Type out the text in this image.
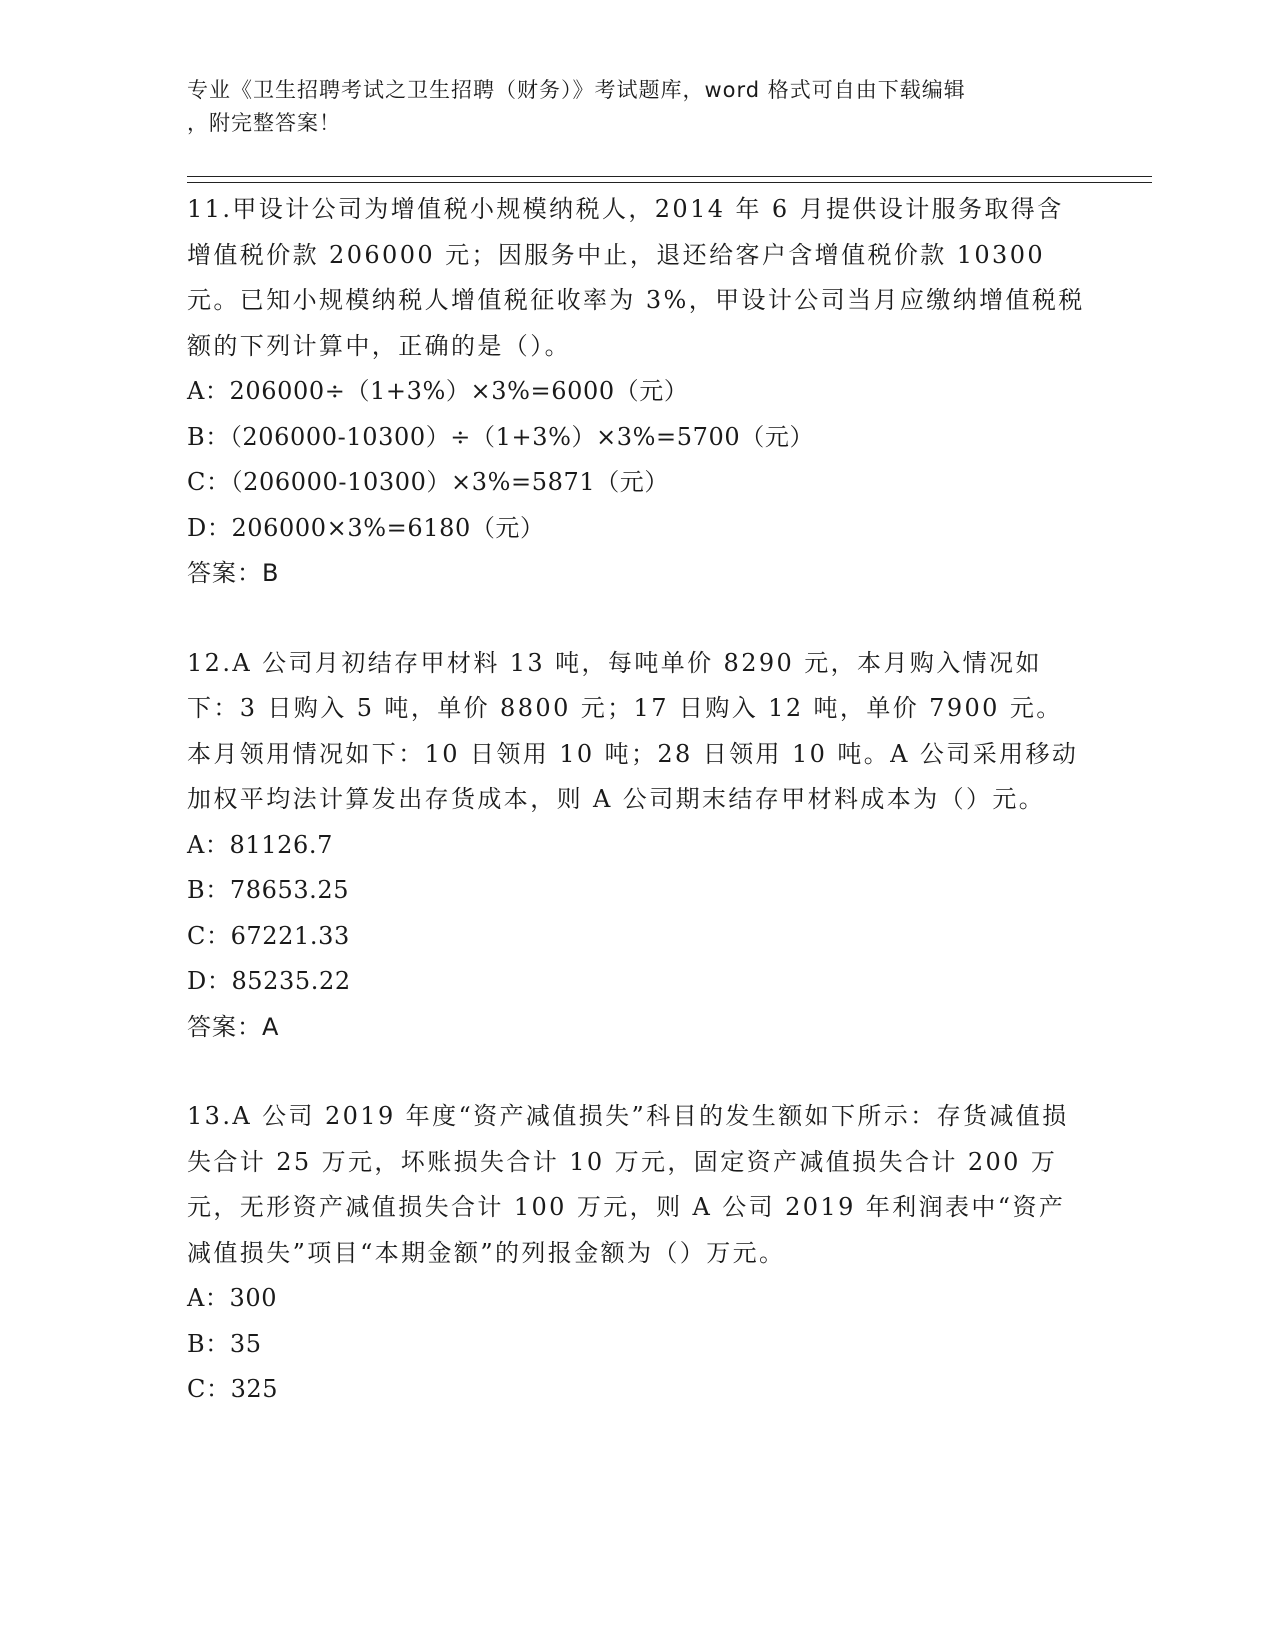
专业《卫生招聘考试之卫生招聘（财务）》考试题库，word 格式可自由下载编辑
，附完整答案！

11.甲设计公司为增值税小规模纳税人，2014 年 6 月提供设计服务取得含增值税价款 206000 元；因服务中止，退还给客户含增值税价款 10300 元。已知小规模纳税人增值税征收率为 3%，甲设计公司当月应缴纳增值税税额的下列计算中，正确的是（）。

A：206000÷（1+3%）×3%=6000（元）

B：（206000-10300）÷（1+3%）×3%=5700（元）

C：（206000-10300）×3%=5871（元）

D：206000×3%=6180（元）

答案：B

12.A 公司月初结存甲材料 13 吨，每吨单价 8290 元，本月购入情况如下：3 日购入 5 吨，单价 8800 元；17 日购入 12 吨，单价 7900 元。本月领用情况如下：10 日领用 10 吨；28 日领用 10 吨。A 公司采用移动加权平均法计算发出存货成本，则 A 公司期末结存甲材料成本为（）元。

A：81126.7

B：78653.25

C：67221.33

D：85235.22

答案：A

13.A 公司 2019 年度“资产减值损失”科目的发生额如下所示：存货减值损失合计 25 万元，坏账损失合计 10 万元，固定资产减值损失合计 200 万元，无形资产减值损失合计 100 万元，则 A 公司 2019 年利润表中“资产减值损失”项目“本期金额”的列报金额为（）万元。

A：300

B：35

C：325
